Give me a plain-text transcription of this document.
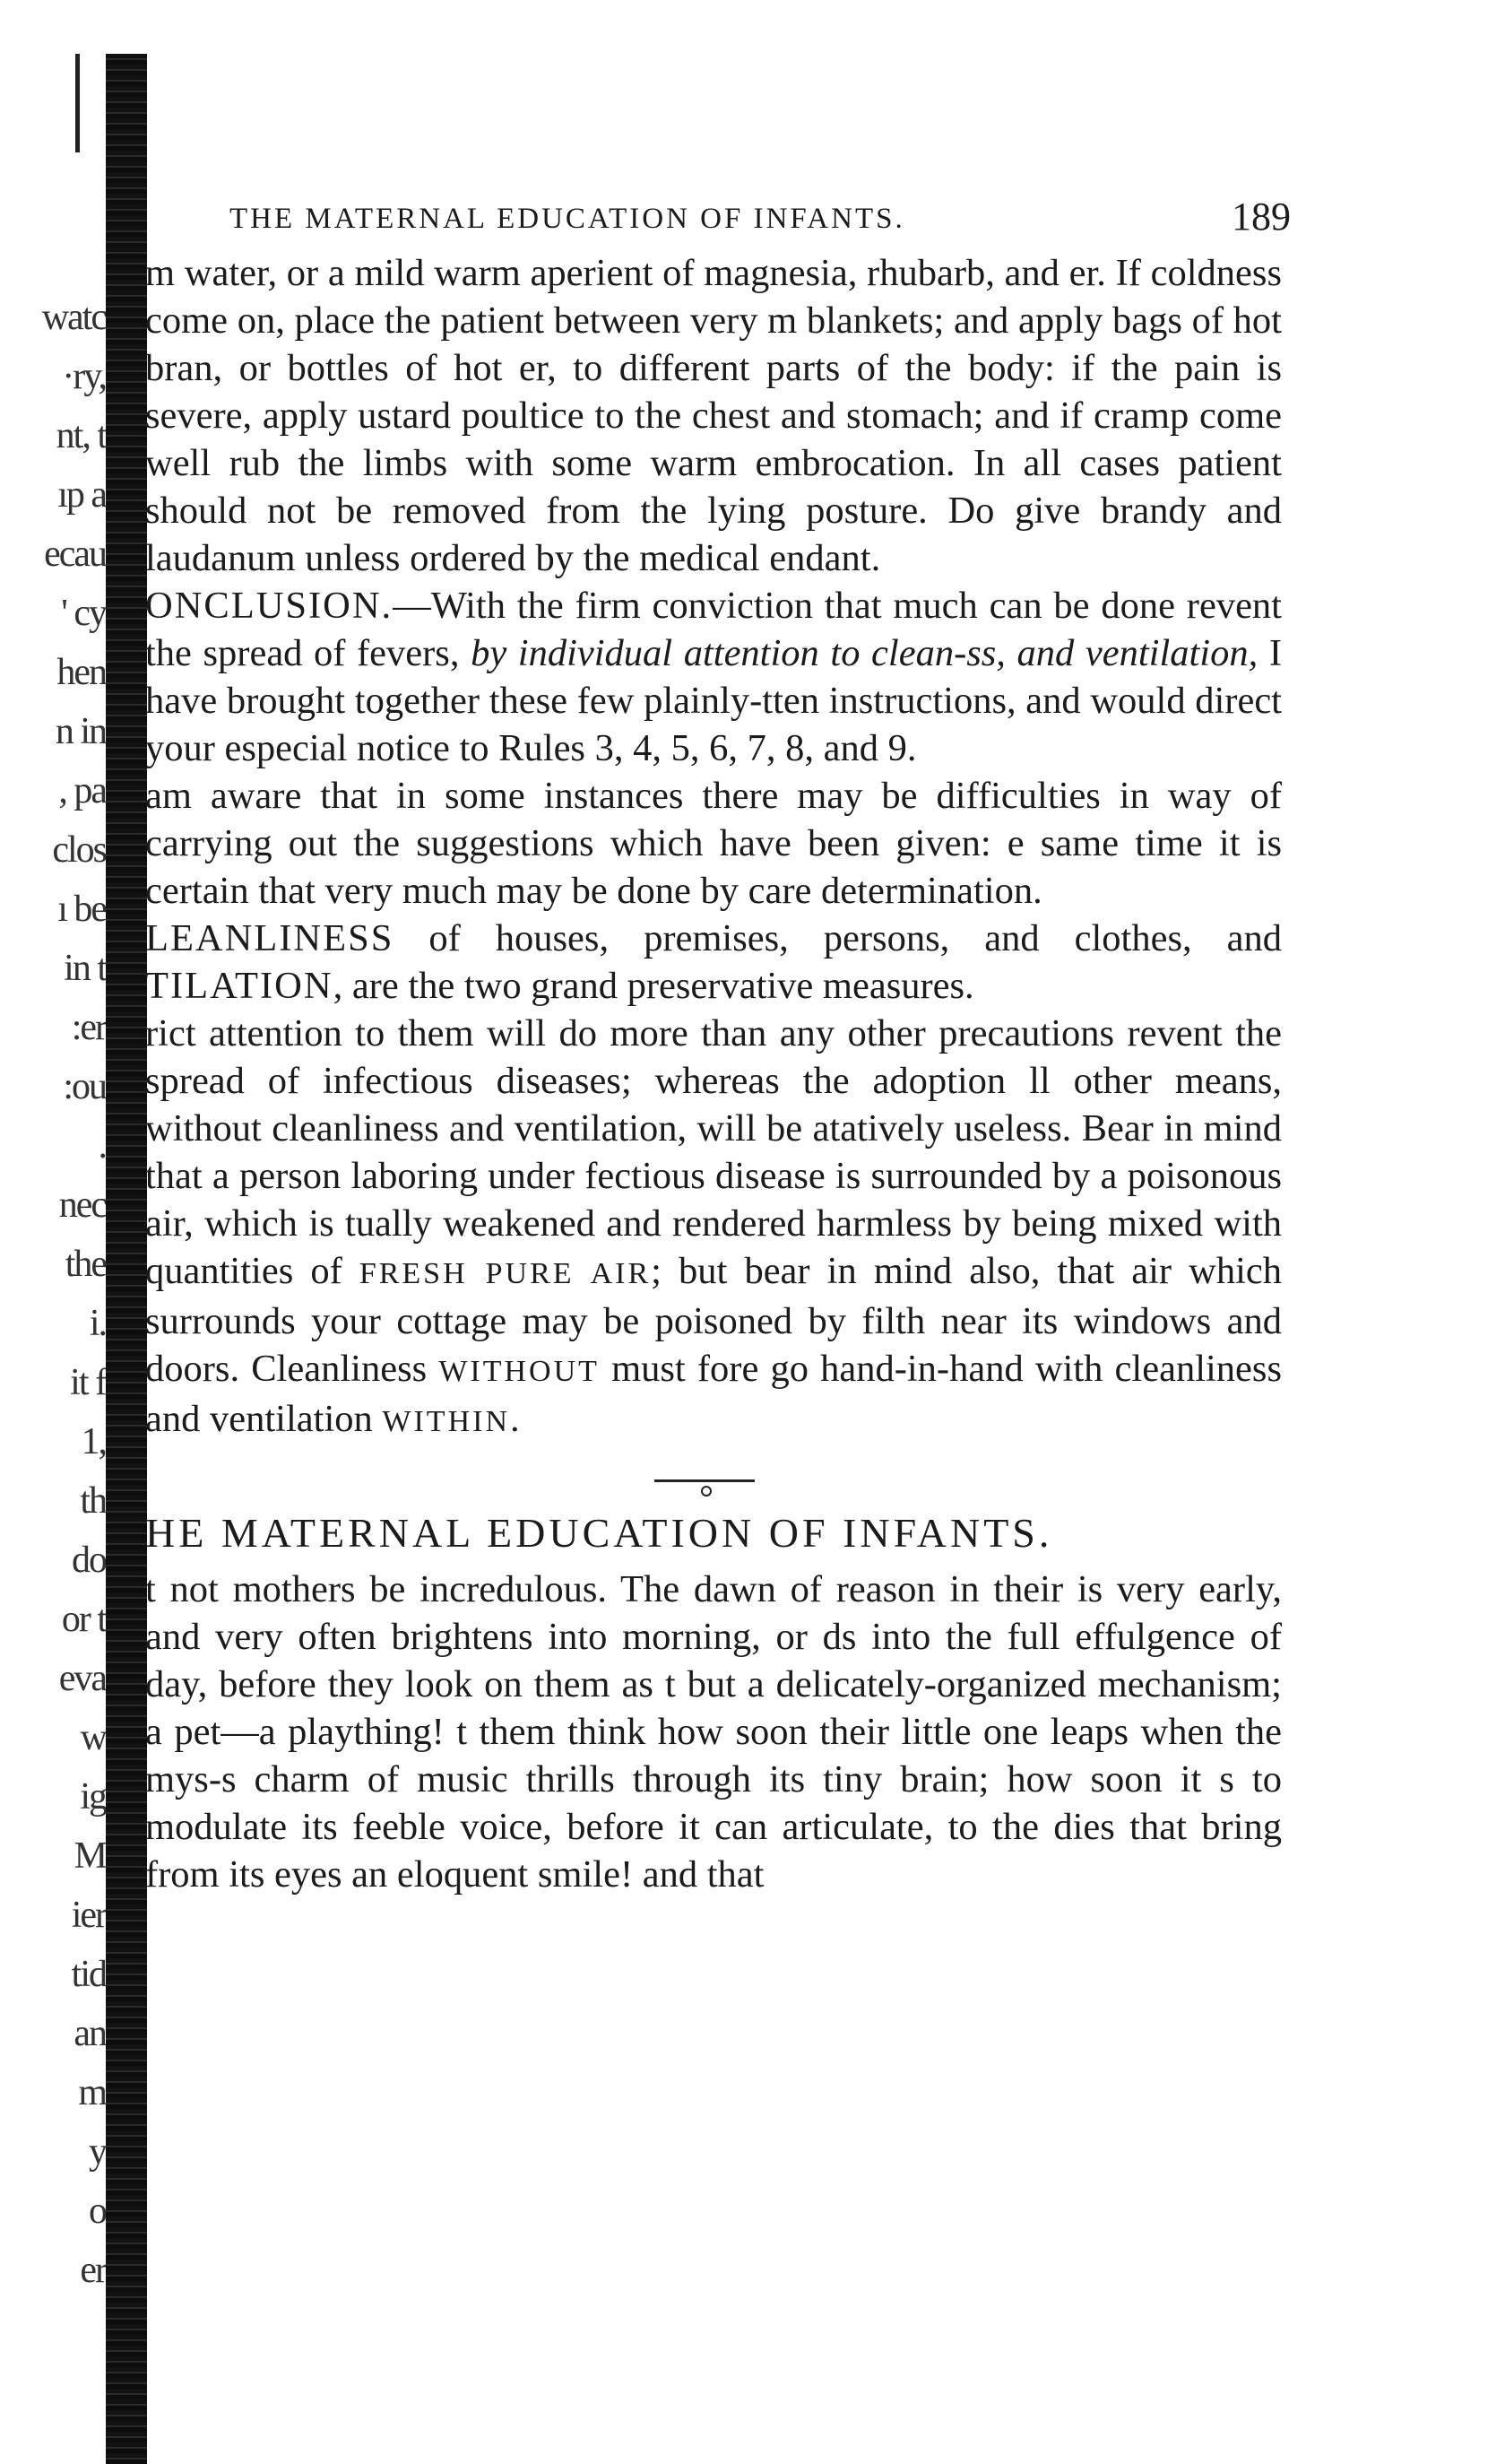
watc
·ry,
nt, t
ıp a
ecau
' cy
hen
n in
, pa
clos
ı be
in t
:er
:ou
.
nec
the
i.
it f
1,
th
do
or t
eva
w
ig
M
ier
tid
an
m
y
o
er
THE MATERNAL EDUCATION OF INFANTS.	189

m water, or a mild warm aperient of magnesia, rhubarb, and er. If coldness come on, place the patient between very m blankets; and apply bags of hot bran, or bottles of hot er, to different parts of the body: if the pain is severe, apply ustard poultice to the chest and stomach; and if cramp come well rub the limbs with some warm embrocation. In all cases patient should not be removed from the lying posture. Do give brandy and laudanum unless ordered by the medical endant.

ONCLUSION.—With the firm conviction that much can be done revent the spread of fevers, by individual attention to clean-ss, and ventilation, I have brought together these few plainly-tten instructions, and would direct your especial notice to Rules 3, 4, 5, 6, 7, 8, and 9.

am aware that in some instances there may be difficulties in way of carrying out the suggestions which have been given: e same time it is certain that very much may be done by care determination.

LEANLINESS of houses, premises, persons, and clothes, and TILATION, are the two grand preservative measures.

rict attention to them will do more than any other precautions revent the spread of infectious diseases; whereas the adoption ll other means, without cleanliness and ventilation, will be atatively useless. Bear in mind that a person laboring under fectious disease is surrounded by a poisonous air, which is tually weakened and rendered harmless by being mixed with quantities of FRESH PURE AIR; but bear in mind also, that air which surrounds your cottage may be poisoned by filth near its windows and doors. Cleanliness WITHOUT must fore go hand-in-hand with cleanliness and ventilation WITHIN.

HE MATERNAL EDUCATION OF INFANTS.

t not mothers be incredulous. The dawn of reason in their is very early, and very often brightens into morning, or ds into the full effulgence of day, before they look on them as t but a delicately-organized mechanism; a pet—a plaything! t them think how soon their little one leaps when the mys-s charm of music thrills through its tiny brain; how soon it s to modulate its feeble voice, before it can articulate, to the dies that bring from its eyes an eloquent smile! and that
